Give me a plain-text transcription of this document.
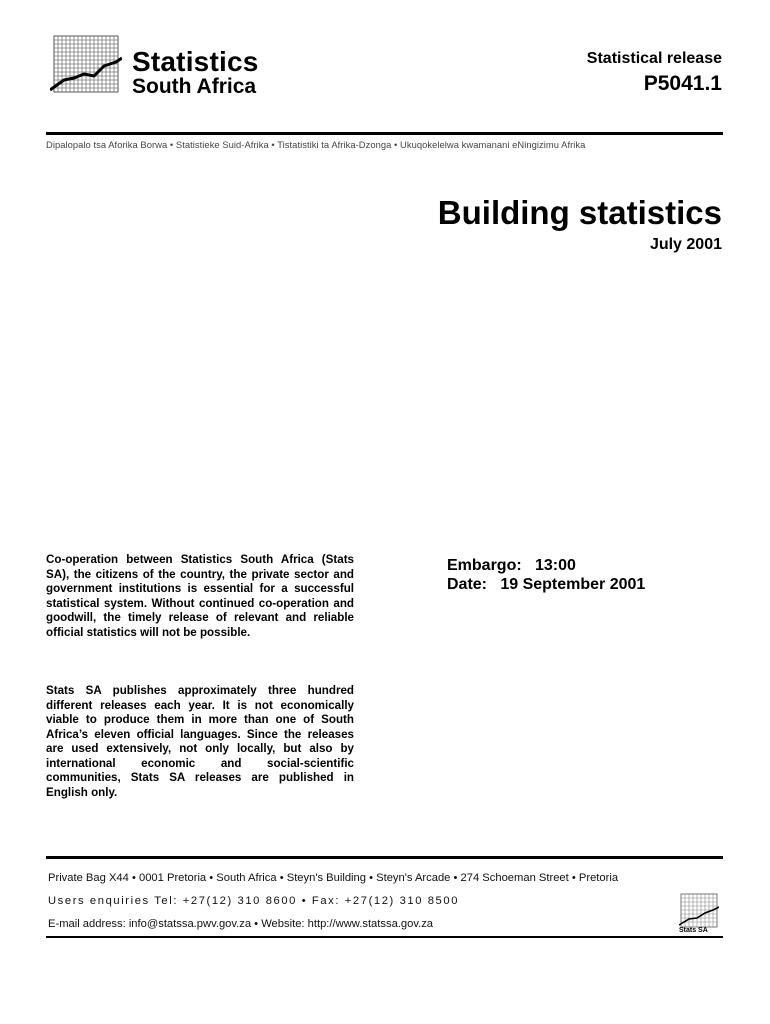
Statistics
South Africa
Statistical release
P5041.1
Dipalopalo tsa Aforika Borwa • Statistieke Suid-Afrika • Tistatistiki ta Afrika-Dzonga • Ukuqokelelwa kwamanani eNingizimu Afrika
Building statistics
July 2001
Co-operation between Statistics South Africa (Stats SA), the citizens of the country, the private sector and government institutions is essential for a successful statistical system. Without continued co-operation and goodwill, the timely release of relevant and reliable official statistics will not be possible.
Stats SA publishes approximately three hundred different releases each year. It is not economically viable to produce them in more than one of South Africa’s eleven official languages. Since the releases are used extensively, not only locally, but also by international economic and social-scientific communities, Stats SA releases are published in English only.
Embargo:   13:00
Date:   19 September 2001
Private Bag X44 • 0001 Pretoria • South Africa • Steyn's Building • Steyn's Arcade • 274 Schoeman Street • Pretoria
Users enquiries Tel: +27(12) 310 8600 • Fax: +27(12) 310 8500
E-mail address: info@statssa.pwv.gov.za • Website: http://www.statssa.gov.za
Stats SA
